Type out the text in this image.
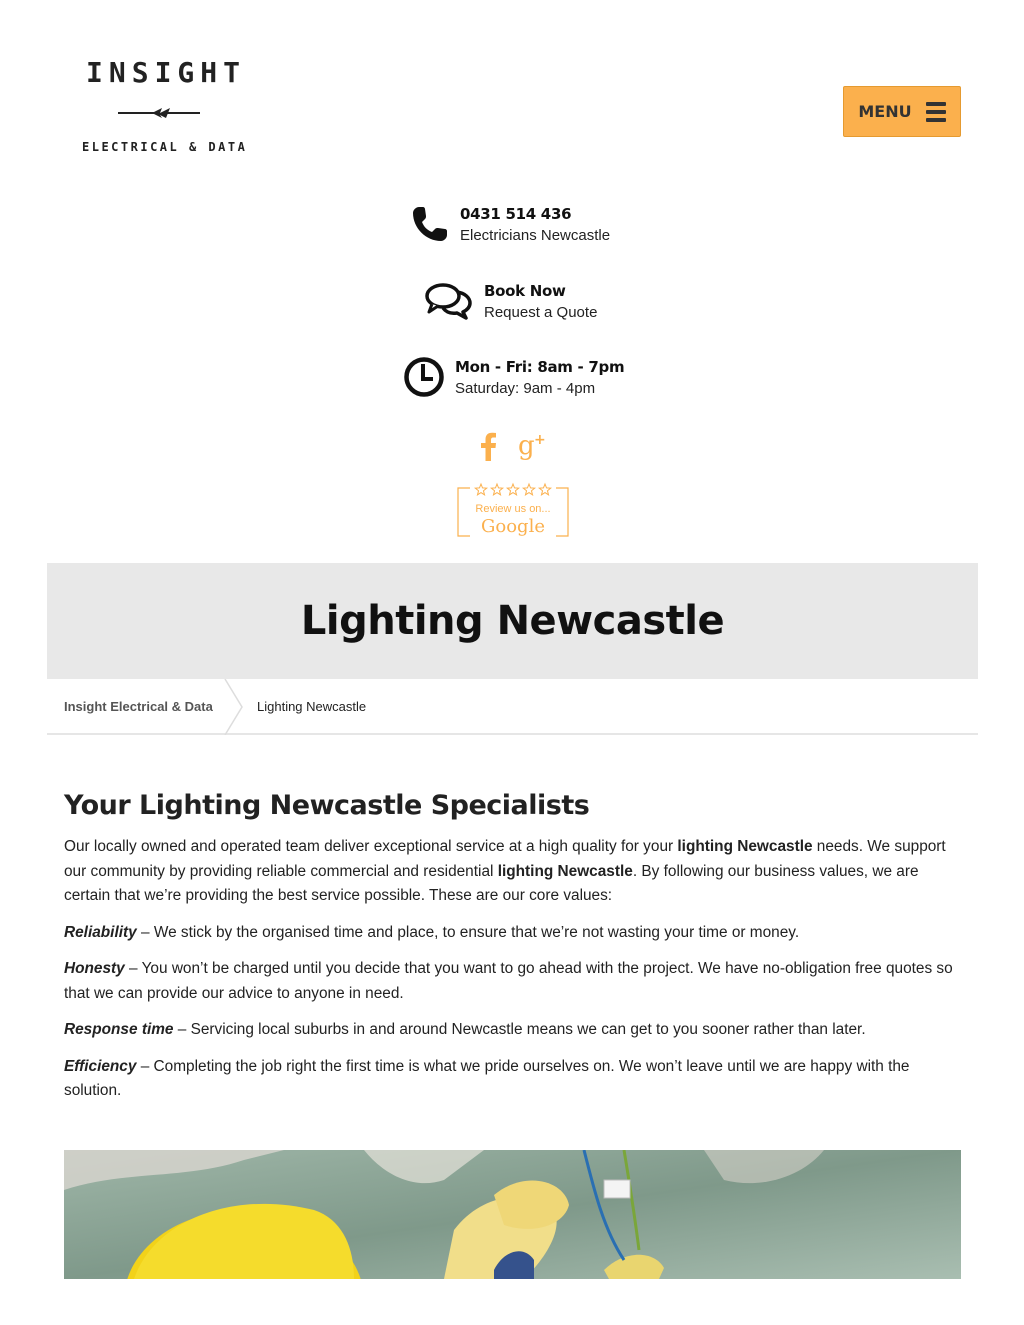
INSIGHT
ELECTRICAL & DATA
MENU
0431 514 436
Electricians Newcastle
Book Now
Request a Quote
Mon - Fri: 8am - 7pm
Saturday: 9am - 4pm
g +
Review us on...
Google
Lighting Newcastle
Insight Electrical & Data	Lighting Newcastle
Your Lighting Newcastle Specialists

Our locally owned and operated team deliver exceptional service at a high quality for your lighting Newcastle needs. We support our community by providing reliable commercial and residential lighting Newcastle. By following our business values, we are certain that we’re providing the best service possible. These are our core values:

Reliability – We stick by the organised time and place, to ensure that we’re not wasting your time or money.

Honesty – You won’t be charged until you decide that you want to go ahead with the project. We have no-obligation free quotes so that we can provide our advice to anyone in need.

Response time – Servicing local suburbs in and around Newcastle means we can get to you sooner rather than later.

Efficiency – Completing the job right the first time is what we pride ourselves on. We won’t leave until we are happy with the solution.
